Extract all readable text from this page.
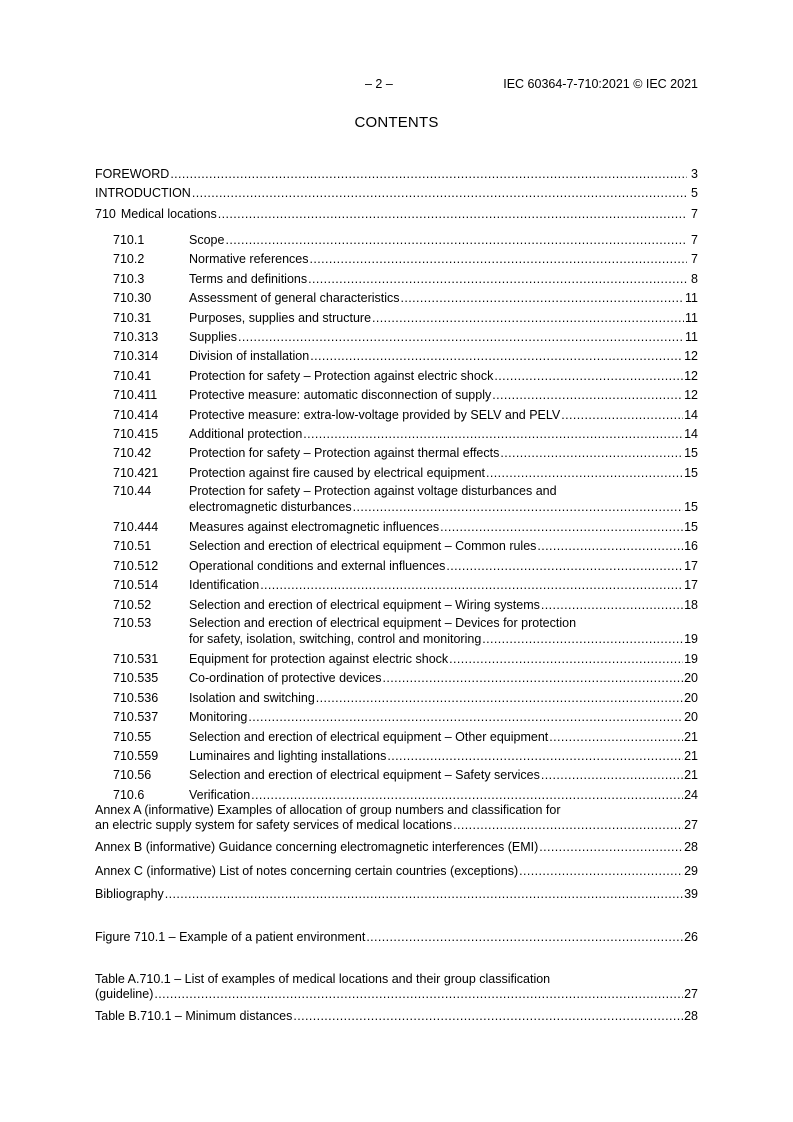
– 2 –	IEC 60364-7-710:2021 © IEC 2021
CONTENTS
FOREWORD .....	3
INTRODUCTION .....	5
710 Medical locations .....	7
710.1	Scope .....	7
710.2	Normative references .....	7
710.3	Terms and definitions .....	8
710.30	Assessment of general characteristics .....	11
710.31	Purposes, supplies and structure .....	11
710.313	Supplies .....	11
710.314	Division of installation .....	12
710.41	Protection for safety – Protection against electric shock .....	12
710.411	Protective measure: automatic disconnection of supply .....	12
710.414	Protective measure: extra-low-voltage provided by SELV and PELV .....	14
710.415	Additional protection .....	14
710.42	Protection for safety – Protection against thermal effects .....	15
710.421	Protection against fire caused by electrical equipment .....	15
710.44	Protection for safety – Protection against voltage disturbances and
electromagnetic disturbances .....	15
710.444	Measures against electromagnetic influences .....	15
710.51	Selection and erection of electrical equipment – Common rules .....	16
710.512	Operational conditions and external influences .....	17
710.514	Identification .....	17
710.52	Selection and erection of electrical equipment – Wiring systems .....	18
710.53	Selection and erection of electrical equipment – Devices for protection
for safety, isolation, switching, control and monitoring .....	19
710.531	Equipment for protection against electric shock .....	19
710.535	Co-ordination of protective devices .....	20
710.536	Isolation and switching .....	20
710.537	Monitoring .....	20
710.55	Selection and erection of electrical equipment – Other equipment .....	21
710.559	Luminaires and lighting installations .....	21
710.56	Selection and erection of electrical equipment – Safety services .....	21
710.6	Verification .....	24
Annex A (informative) Examples of allocation of group numbers and classification for
an electric supply system for safety services of medical locations .....	27
Annex B (informative) Guidance concerning electromagnetic interferences (EMI) .....	28
Annex C (informative) List of notes concerning certain countries (exceptions) .....	29
Bibliography .....	39
Figure 710.1 – Example of a patient environment .....	26
Table A.710.1 – List of examples of medical locations and their group classification
(guideline) .....	27
Table B.710.1 – Minimum distances .....	28
